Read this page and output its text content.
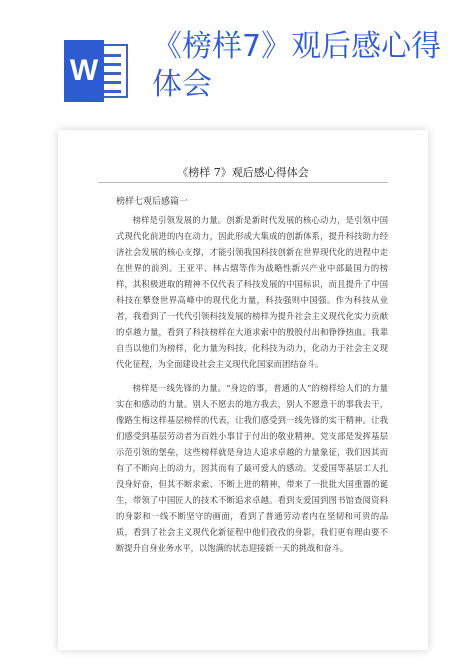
W
《榜样7》观后感心得体会
《榜样 7》观后感心得体会
榜样七观后感篇一

榜样是引领发展的力量。创新是新时代发展的核心动力，是引领中国式现代化前进的内在动力，因此形成大集成的创新体系，提升科技助力经济社会发展的核心支撑，才能引领我国科技创新在世界现代化的进程中走在世界的前列。王亚平、林占熺等作为战略性新兴产业中部最国力的榜样，其积极进取的精神不仅代表了科技发展的中国标识，而且提升了中国科技在攀登世界高峰中的现代化力量，科技强则中国强。作为科技从业者，我看到了一代代引领科技发展的榜样为提升社会主义现代化实力贡献的卓越力量，看到了科技榜样在大道求索中的殷殷付出和铮铮热血。我辈自当以他们为榜样，化力量为科技，化科技为动力，化动力于社会主义现代化征程，为全面建设社会主义现代化国家而团结奋斗。

榜样是一线先锋的力量。“身边的事，普通的人”的榜样给人们的力量实在和感动的力量。别人不愿去的地方我去，别人不愿意干的事我去干，像路生梅这样基层榜样的代表，让我们感受到一线先锋的实干精神。让我们感受到基层劳动者为百姓小事甘于付出的敬业精神。党支部是发挥基层示范引领的堡垒，这些榜样就是身边人追求卓越的力量象征，我们因其而有了不断向上的动力，因其而有了最可爱人的感动。艾爱国等基层工人扎没身好奋，但其不断求索、不断上进的精神，带来了一批批大国重器的诞生，带领了中国匠人的技术不断追求卓越。看到支爱国到图书馆查阅资料的身影和一线不断坚守的画面，看到了普通劳动者内在坚韧和可贵的品质，看到了社会主义现代化新征程中他们孜孜的身影，我们更有理由要不断提升自身业务水平，以饱满的状态迎接新一天的挑战和奋斗。
